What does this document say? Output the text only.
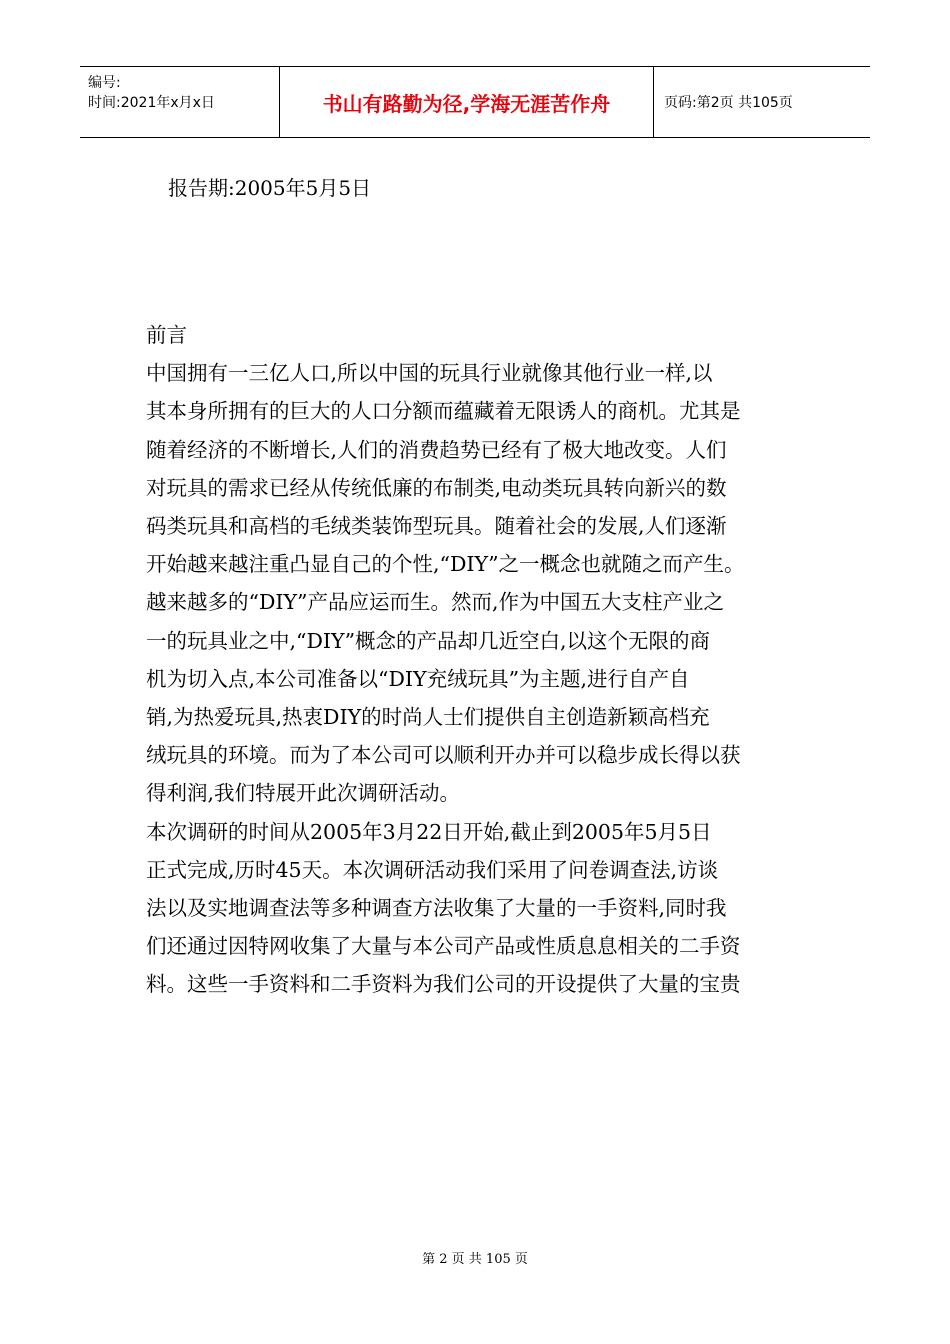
编号:
时间:2021年x月x日	书山有路勤为径,学海无涯苦作舟	页码:第2页 共105页
报告期:2005年5月5日

前言

中国拥有一三亿人口,所以中国的玩具行业就像其他行业一样,以
其本身所拥有的巨大的人口分额而蕴藏着无限诱人的商机。尤其是
随着经济的不断增长,人们的消费趋势已经有了极大地改变。人们
对玩具的需求已经从传统低廉的布制类,电动类玩具转向新兴的数
码类玩具和高档的毛绒类装饰型玩具。随着社会的发展,人们逐渐
开始越来越注重凸显自己的个性,“DIY”之一概念也就随之而产生。
越来越多的“DIY”产品应运而生。然而,作为中国五大支柱产业之
一的玩具业之中,“DIY”概念的产品却几近空白,以这个无限的商
机为切入点,本公司准备以“DIY充绒玩具”为主题,进行自产自
销,为热爱玩具,热衷DIY的时尚人士们提供自主创造新颖高档充
绒玩具的环境。而为了本公司可以顺利开办并可以稳步成长得以获
得利润,我们特展开此次调研活动。

本次调研的时间从2005年3月22日开始,截止到2005年5月5日
正式完成,历时45天。本次调研活动我们采用了问卷调查法,访谈
法以及实地调查法等多种调查方法收集了大量的一手资料,同时我
们还通过因特网收集了大量与本公司产品或性质息息相关的二手资
料。这些一手资料和二手资料为我们公司的开设提供了大量的宝贵

第 2 页 共 105 页
